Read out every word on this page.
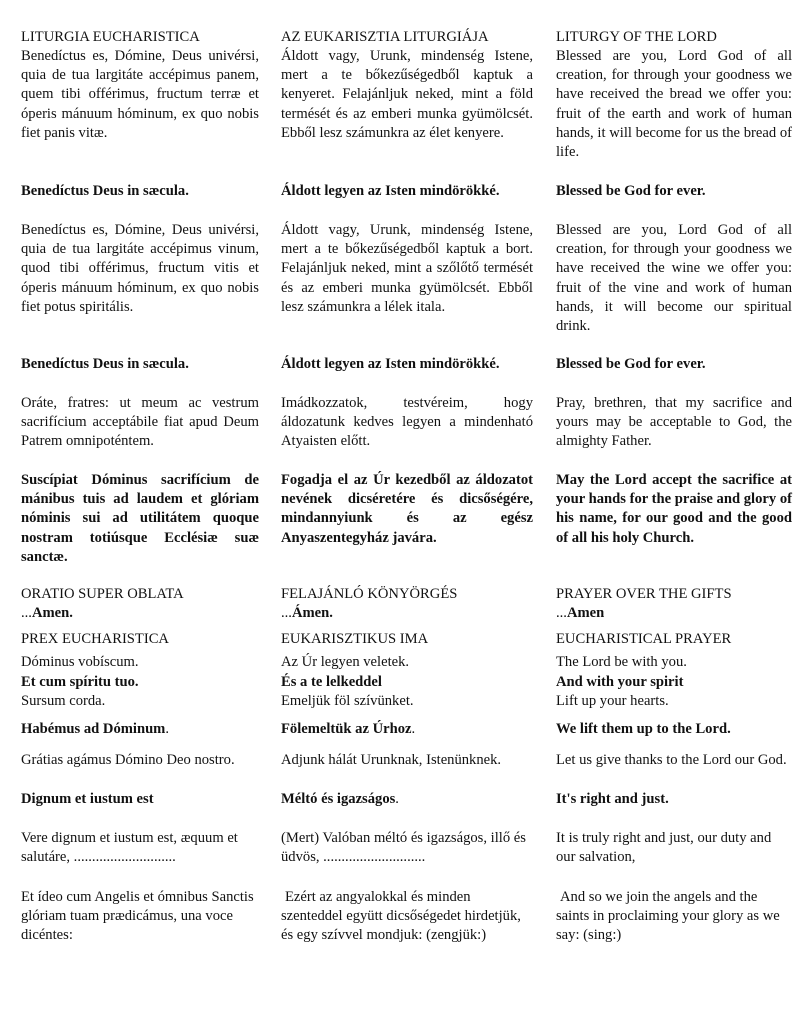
LITURGIA EUCHARISTICA

Benedíctus es, Dómine, Deus univérsi, quia de tua largitáte accépimus panem, quem tibi offérimus, fructum terræ et óperis mánuum hóminum, ex quo nobis fiet panis vitæ.

Benedíctus Deus in sæcula.

Benedíctus es, Dómine, Deus univérsi, quia de tua largitáte accépimus vinum, quod tibi offérimus, fructum vitis et óperis mánuum hóminum, ex quo nobis fiet potus spiritális.

Benedíctus Deus in sæcula.

Oráte, fratres: ut meum ac vestrum sacrifícium acceptábile fiat apud Deum Patrem omnipoténtem.

Suscípiat Dóminus sacrifícium de mánibus tuis ad laudem et glóriam nóminis sui ad utilitátem quoque nostram totiúsque Ecclésiæ suæ sanctæ.

ORATIO SUPER OBLATA

...Amen.

PREX EUCHARISTICA

Dóminus vobíscum.

Et cum spíritu tuo.

Sursum corda.

Habémus ad Dóminum.

Grátias agámus Dómino Deo nostro.

Dignum et iustum est

Vere dignum et iustum est, æquum et salutáre, ............................

Et ídeo cum Angelis et ómnibus Sanctis glóriam tuam prædicámus, una voce dicéntes:

AZ EUKARISZTIA LITURGIÁJA

Áldott vagy, Urunk, mindenség Istene, mert a te bőkezűségedből kaptuk a kenyeret. Felajánljuk neked, mint a föld termését és az emberi munka gyümölcsét. Ebből lesz számunkra az élet kenyere.

Áldott legyen az Isten mindörökké.

Áldott vagy, Urunk, mindenség Istene, mert a te bőkezűségedből kaptuk a bort. Felajánljuk neked, mint a szőlőtő termését és az emberi munka gyümölcsét. Ebből lesz számunkra a lélek itala.

Áldott legyen az Isten mindörökké.

Imádkozzatok, testvéreim, hogy áldozatunk kedves legyen a mindenható Atyaisten előtt.

Fogadja el az Úr kezedből az áldozatot nevének dicséretére és dicsőségére, mindannyiunk és az egész Anyaszentegyház javára.

FELAJÁNLÓ KÖNYÖRGÉS

...Ámen.

EUKARISZTIKUS IMA

Az Úr legyen veletek.

És a te lelkeddel

Emeljük föl szívünket.

Fölemeltük az Úrhoz.

Adjunk hálát Urunknak, Istenünknek.

Méltó és igazságos.

(Mert) Valóban méltó és igazságos, illő és üdvös, ............................

Ezért az angyalokkal és minden szenteddel együtt dicsőségedet hirdetjük, és egy szívvel mondjuk: (zengjük:)

LITURGY OF THE LORD

Blessed are you, Lord God of all creation, for through your goodness we have received the bread we offer you: fruit of the earth and work of human hands, it will become for us the bread of life.

Blessed be God for ever.

Blessed are you, Lord God of all creation, for through your goodness we have received the wine we offer you: fruit of the vine and work of human hands, it will become our spiritual drink.

Blessed be God for ever.

Pray, brethren, that my sacrifice and yours may be acceptable to God, the almighty Father.

May the Lord accept the sacrifice at your hands for the praise and glory of his name, for our good and the good of all his holy Church.

PRAYER OVER THE GIFTS

...Amen

EUCHARISTICAL PRAYER

The Lord be with you.

And with your spirit

Lift up your hearts.

We lift them up to the Lord.

Let us give thanks to the Lord our God.

It's right and just.

It is truly right and just, our duty and our salvation,

And so we join the angels and the saints in proclaiming your glory as we say: (sing:)
